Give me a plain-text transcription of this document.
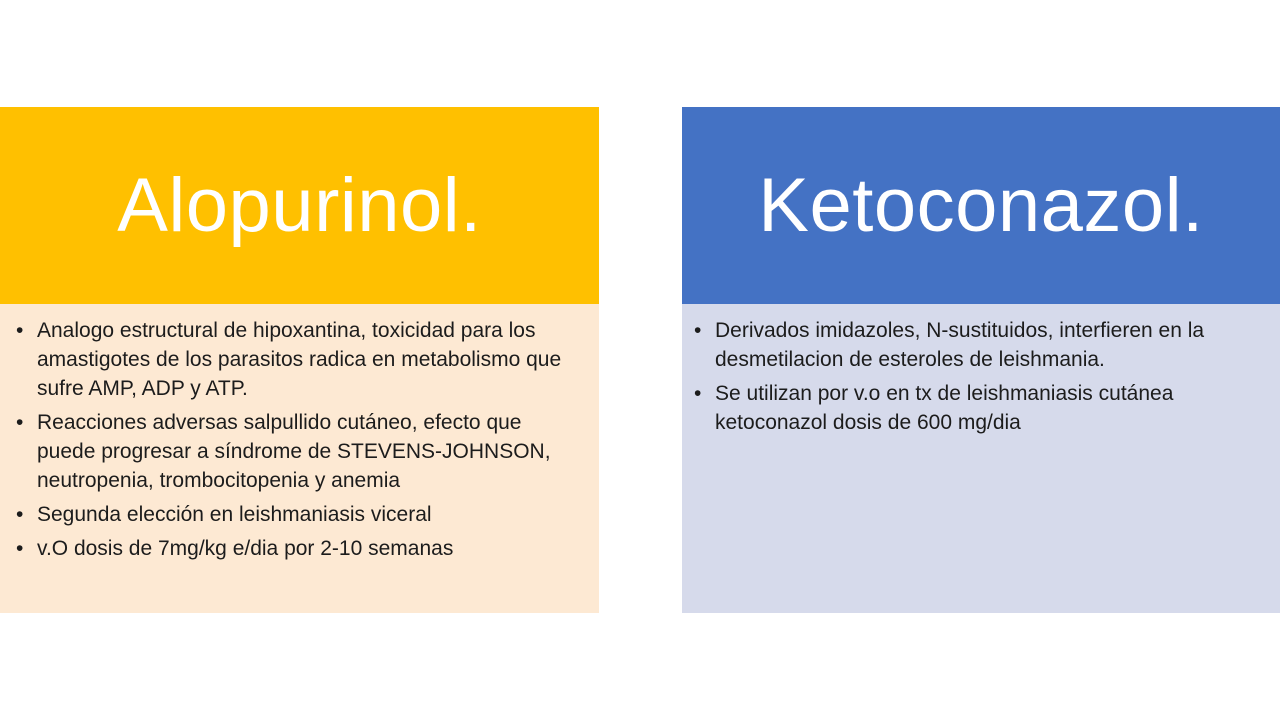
Alopurinol.
• Analogo estructural de hipoxantina, toxicidad para los amastigotes de los parasitos radica en metabolismo que sufre AMP, ADP y ATP.
• Reacciones adversas salpullido cutáneo, efecto que puede progresar a síndrome de STEVENS-JOHNSON, neutropenia, trombocitopenia y anemia
• Segunda elección en leishmaniasis viceral
• v.O dosis de 7mg/kg e/dia por 2-10 semanas
Ketoconazol.
• Derivados imidazoles, N-sustituidos, interfieren en la desmetilacion de esteroles de leishmania.
• Se utilizan por v.o en tx de leishmaniasis cutánea ketoconazol dosis de 600 mg/dia
